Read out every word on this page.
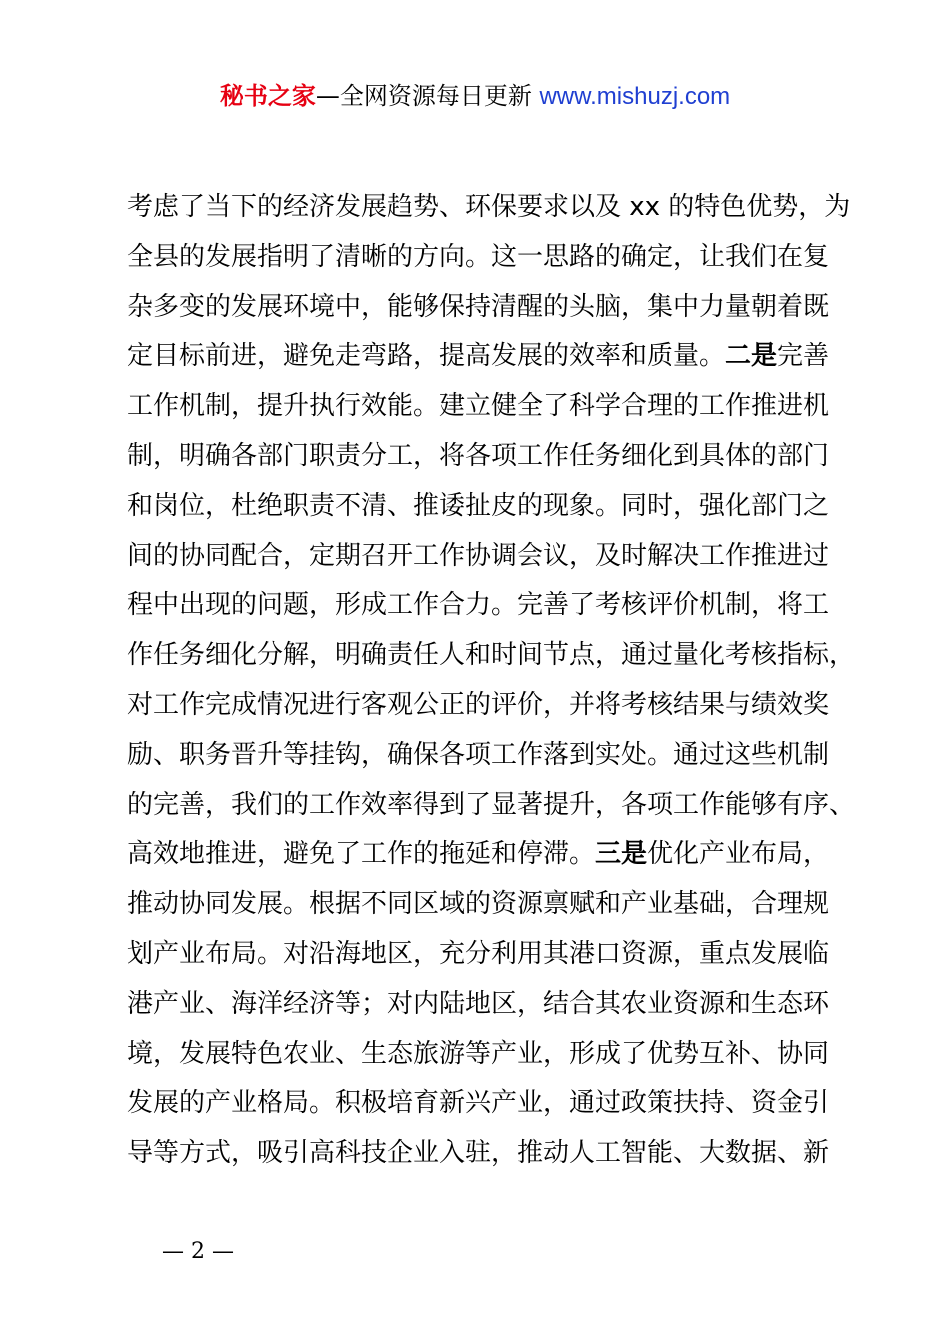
秘书之家—全网资源每日更新 www.mishuzj.com
考虑了当下的经济发展趋势、环保要求以及 xx 的特色优势，为
全县的发展指明了清晰的方向。这一思路的确定，让我们在复
杂多变的发展环境中，能够保持清醒的头脑，集中力量朝着既
定目标前进，避免走弯路，提高发展的效率和质量。二是完善
工作机制，提升执行效能。建立健全了科学合理的工作推进机
制，明确各部门职责分工，将各项工作任务细化到具体的部门
和岗位，杜绝职责不清、推诿扯皮的现象。同时，强化部门之
间的协同配合，定期召开工作协调会议，及时解决工作推进过
程中出现的问题，形成工作合力。完善了考核评价机制，将工
作任务细化分解，明确责任人和时间节点，通过量化考核指标，
对工作完成情况进行客观公正的评价，并将考核结果与绩效奖
励、职务晋升等挂钩，确保各项工作落到实处。通过这些机制
的完善，我们的工作效率得到了显著提升，各项工作能够有序、
高效地推进，避免了工作的拖延和停滞。三是优化产业布局，
推动协同发展。根据不同区域的资源禀赋和产业基础，合理规
划产业布局。对沿海地区，充分利用其港口资源，重点发展临
港产业、海洋经济等；对内陆地区，结合其农业资源和生态环
境，发展特色农业、生态旅游等产业，形成了优势互补、协同
发展的产业格局。积极培育新兴产业，通过政策扶持、资金引
导等方式，吸引高科技企业入驻，推动人工智能、大数据、新
— 2 —
